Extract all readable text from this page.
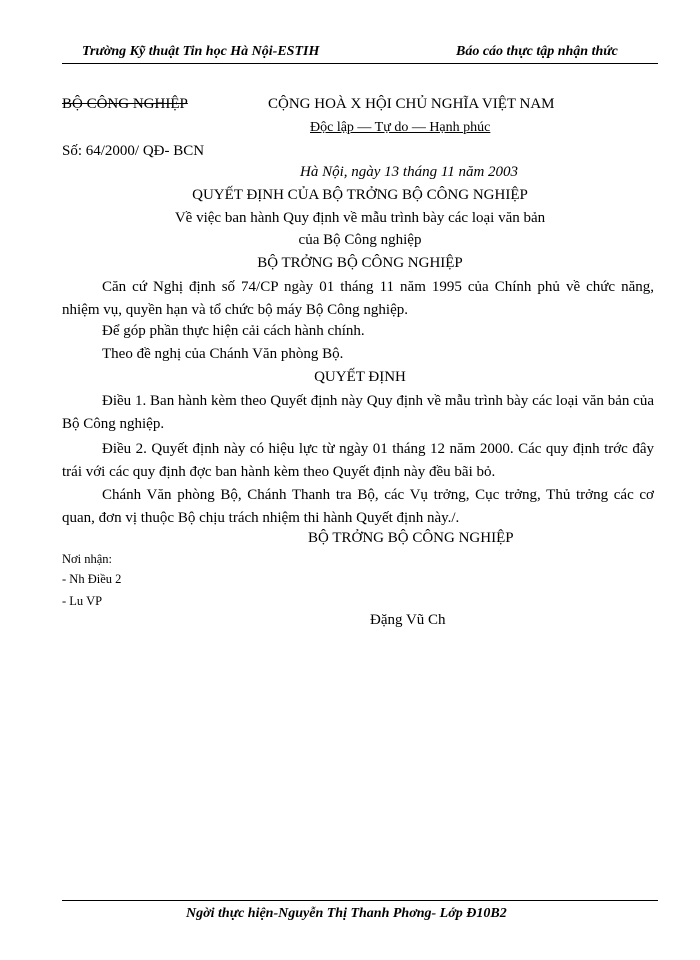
Trường Kỹ thuật Tin học Hà Nội-ESTIH	Báo cáo thực tập nhận thức
BỘ CÔNG NGHIỆP	CỘNG HOÀ X HỘI CHỦ NGHĨA VIỆT NAM
Độc lập — Tự do — Hạnh phúc
Số: 64/2000/ QĐ- BCN
Hà Nội, ngày 13 tháng 11 năm 2003
QUYẾT ĐỊNH CỦA BỘ TRỞNG BỘ CÔNG NGHIỆP
Về việc ban hành Quy định về mẫu trình bày các loại văn bản
của Bộ Công nghiệp
BỘ TRỞNG BỘ CÔNG NGHIỆP
Căn cứ Nghị định số 74/CP ngày 01 tháng 11 năm 1995 của Chính phủ về chức năng, nhiệm vụ, quyền hạn và tổ chức bộ máy Bộ Công nghiệp.
Để góp phần thực hiện cải cách hành chính.
Theo đề nghị của Chánh Văn phòng Bộ.
QUYẾT ĐỊNH
Điều 1. Ban hành kèm theo Quyết định này Quy định về mẫu trình bày các loại văn bản của Bộ Công nghiệp.
Điều 2. Quyết định này có hiệu lực từ ngày 01 tháng 12 năm 2000. Các quy định trớc đây trái với các quy định đợc ban hành kèm theo Quyết định này đều bãi bỏ.
Chánh Văn phòng Bộ, Chánh Thanh tra Bộ, các Vụ trởng, Cục trởng, Thủ trởng các cơ quan, đơn vị thuộc Bộ chịu trách nhiệm thi hành Quyết định này./.
BỘ TRỞNG BỘ CÔNG NGHIỆP
Nơi nhận:
- Nh Điều 2
- Lu VP
Đặng Vũ Ch
Ngời thực hiện-Nguyễn Thị Thanh Phơng- Lớp Đ10B2
